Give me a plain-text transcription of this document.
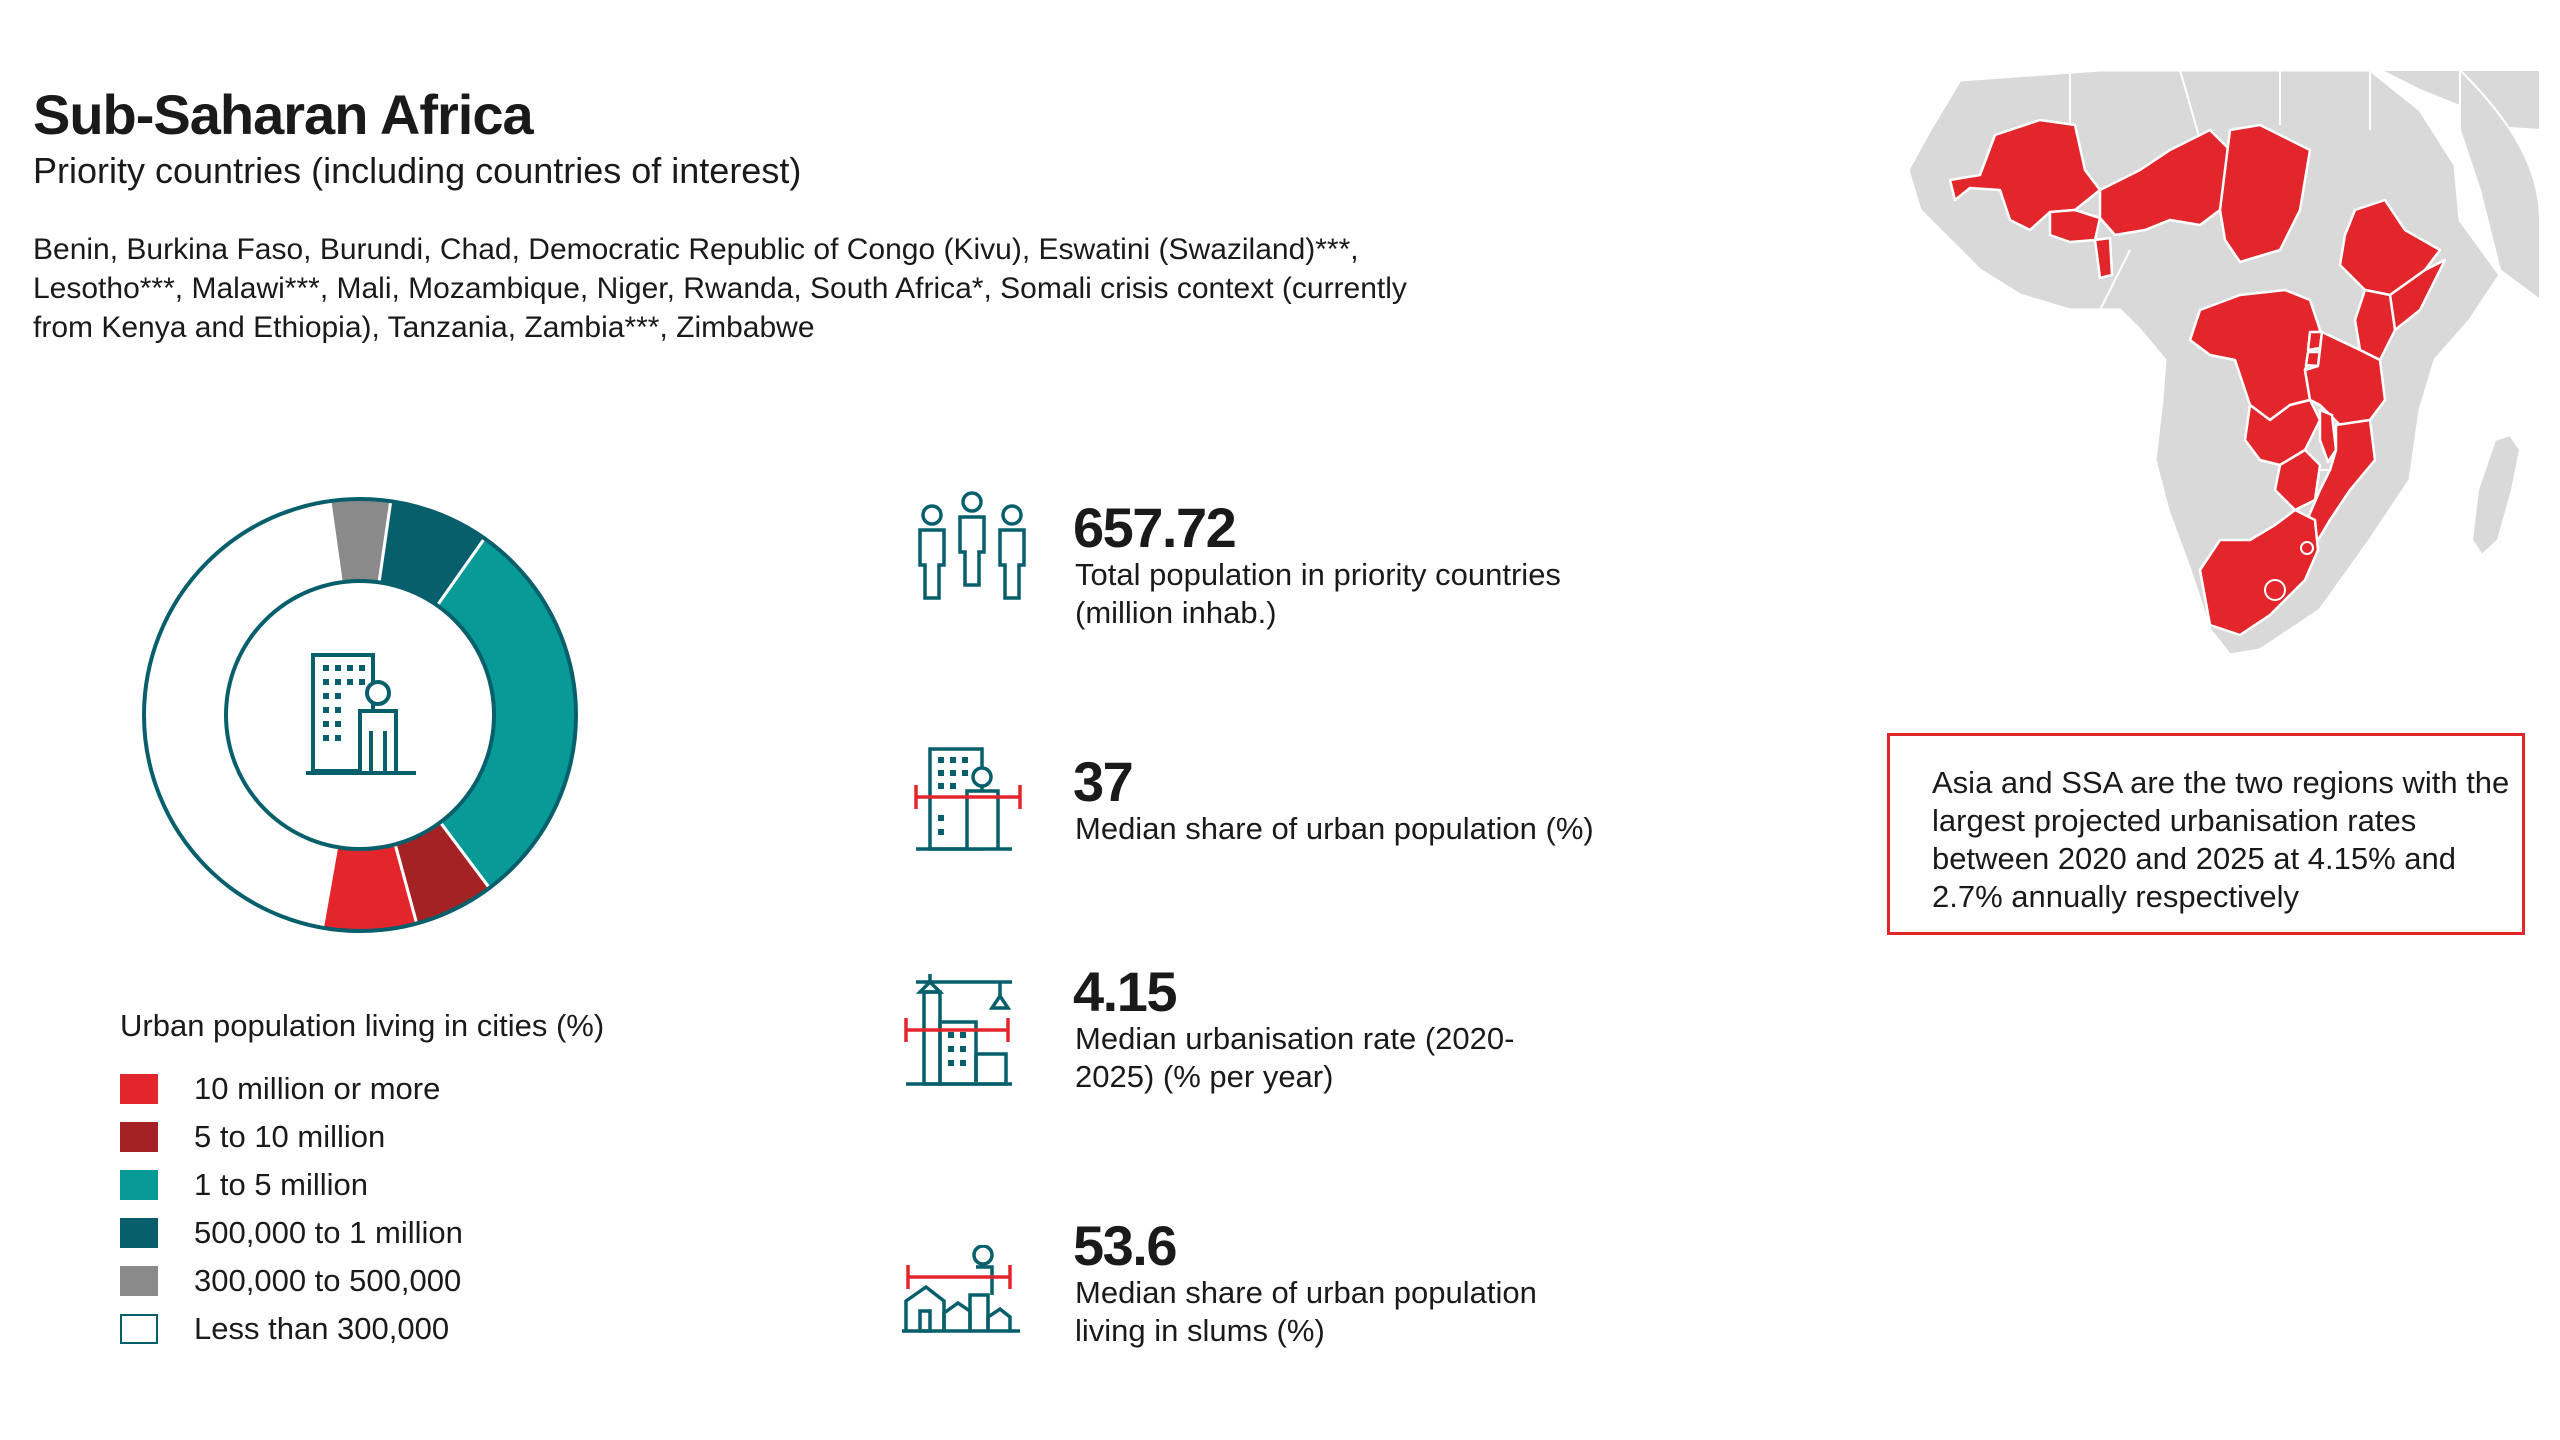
Sub-Saharan Africa

Priority countries (including countries of interest)

Benin, Burkina Faso, Burundi, Chad, Democratic Republic of Congo (Kivu), Eswatini (Swaziland)***, Lesotho***, Malawi***, Mali, Mozambique, Niger, Rwanda, South Africa*, Somali crisis context (currently from Kenya and Ethiopia), Tanzania, Zambia***, Zimbabwe

Urban population living in cities (%)
10 million or more
5 to 10 million
1 to 5 million
500,000 to 1 million
300,000 to 500,000
Less than 300,000
657.72
Total population in priority countries (million inhab.)
37
Median share of urban population (%)
4.15
Median urbanisation rate (2020-2025) (% per year)
53.6
Median share of urban population living in slums (%)
Asia and SSA are the two regions with the largest projected urbanisation rates between 2020 and 2025 at 4.15% and 2.7% annually respectively
